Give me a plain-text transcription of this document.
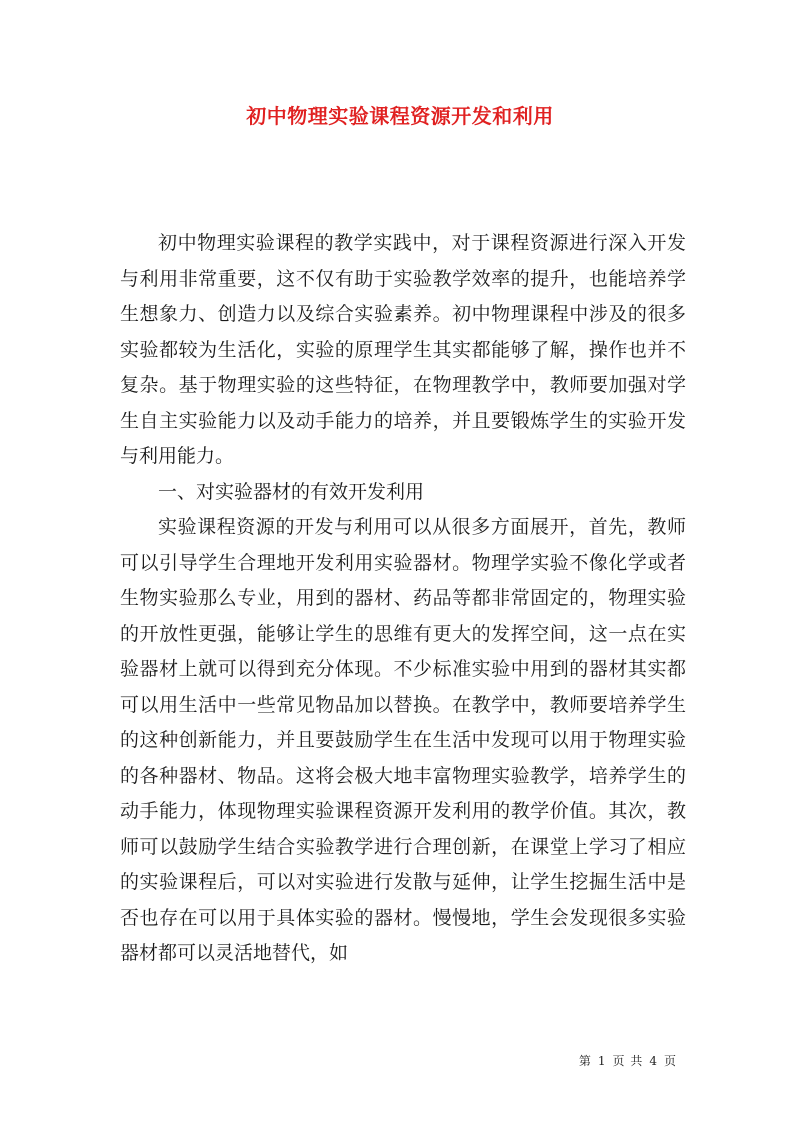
初中物理实验课程资源开发和利用

初中物理实验课程的教学实践中，对于课程资源进行深入开发与利用非常重要，这不仅有助于实验教学效率的提升，也能培养学生想象力、创造力以及综合实验素养。初中物理课程中涉及的很多实验都较为生活化，实验的原理学生其实都能够了解，操作也并不复杂。基于物理实验的这些特征，在物理教学中，教师要加强对学生自主实验能力以及动手能力的培养，并且要锻炼学生的实验开发与利用能力。

一、对实验器材的有效开发利用

实验课程资源的开发与利用可以从很多方面展开，首先，教师可以引导学生合理地开发利用实验器材。物理学实验不像化学或者生物实验那么专业，用到的器材、药品等都非常固定的，物理实验的开放性更强，能够让学生的思维有更大的发挥空间，这一点在实验器材上就可以得到充分体现。不少标准实验中用到的器材其实都可以用生活中一些常见物品加以替换。在教学中，教师要培养学生的这种创新能力，并且要鼓励学生在生活中发现可以用于物理实验的各种器材、物品。这将会极大地丰富物理实验教学，培养学生的动手能力，体现物理实验课程资源开发利用的教学价值。其次，教师可以鼓励学生结合实验教学进行合理创新，在课堂上学习了相应的实验课程后，可以对实验进行发散与延伸，让学生挖掘生活中是否也存在可以用于具体实验的器材。慢慢地，学生会发现很多实验器材都可以灵活地替代，如

第 1 页 共 4 页
